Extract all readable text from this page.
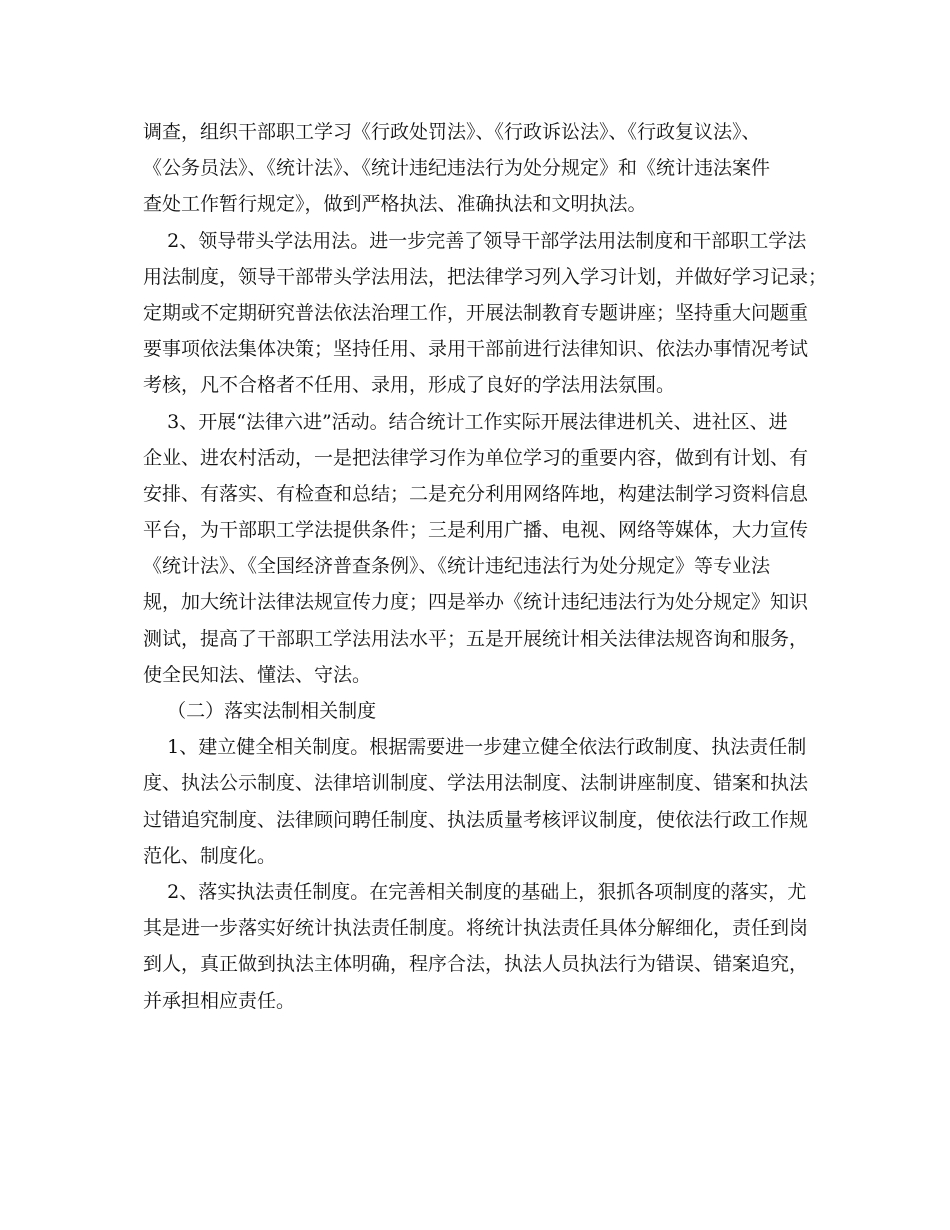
调查，组织干部职工学习《行政处罚法》、《行政诉讼法》、《行政复议法》、
《公务员法》、《统计法》、《统计违纪违法行为处分规定》和《统计违法案件
查处工作暂行规定》，做到严格执法、准确执法和文明执法。
2、领导带头学法用法。进一步完善了领导干部学法用法制度和干部职工学法
用法制度，领导干部带头学法用法，把法律学习列入学习计划，并做好学习记录；
定期或不定期研究普法依法治理工作，开展法制教育专题讲座；坚持重大问题重
要事项依法集体决策；坚持任用、录用干部前进行法律知识、依法办事情况考试
考核，凡不合格者不任用、录用，形成了良好的学法用法氛围。
3、开展“法律六进”活动。结合统计工作实际开展法律进机关、进社区、进
企业、进农村活动，一是把法律学习作为单位学习的重要内容，做到有计划、有
安排、有落实、有检查和总结；二是充分利用网络阵地，构建法制学习资料信息
平台，为干部职工学法提供条件；三是利用广播、电视、网络等媒体，大力宣传
《统计法》、《全国经济普查条例》、《统计违纪违法行为处分规定》等专业法
规，加大统计法律法规宣传力度；四是举办《统计违纪违法行为处分规定》知识
测试，提高了干部职工学法用法水平；五是开展统计相关法律法规咨询和服务，
使全民知法、懂法、守法。
（二）落实法制相关制度
1、建立健全相关制度。根据需要进一步建立健全依法行政制度、执法责任制
度、执法公示制度、法律培训制度、学法用法制度、法制讲座制度、错案和执法
过错追究制度、法律顾问聘任制度、执法质量考核评议制度，使依法行政工作规
范化、制度化。
2、落实执法责任制度。在完善相关制度的基础上，狠抓各项制度的落实，尤
其是进一步落实好统计执法责任制度。将统计执法责任具体分解细化，责任到岗
到人，真正做到执法主体明确，程序合法，执法人员执法行为错误、错案追究，
并承担相应责任。
